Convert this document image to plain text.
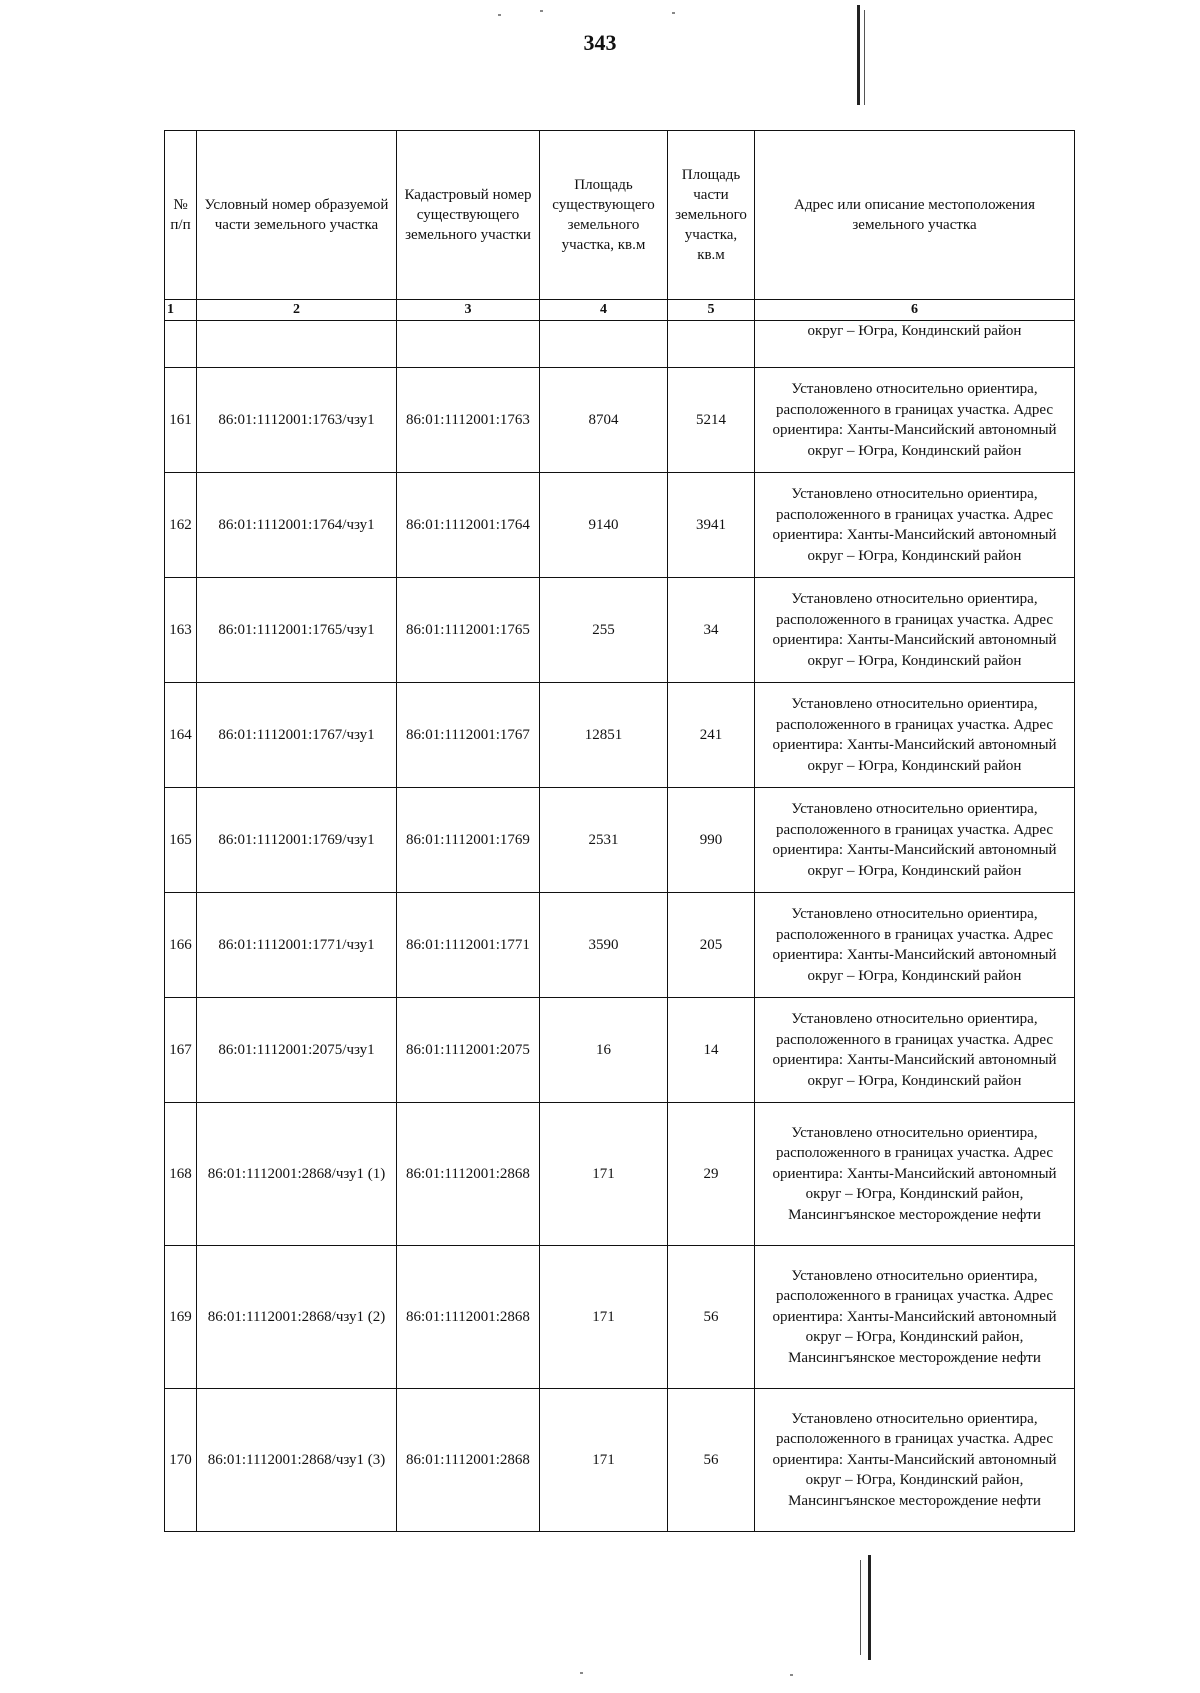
343
№ п/п	Условный номер образуемой части земельного участка	Кадастровый номер существующего земельного участки	Площадь существующего земельного участка, кв.м	Площадь части земельного участка, кв.м	Адрес или описание местоположения земельного участка
1	2	3	4	5	6
					округ – Югра, Кондинский район
161	86:01:1112001:1763/чзу1	86:01:1112001:1763	8704	5214	Установлено относительно ориентира, расположенного в границах участка. Адрес ориентира: Ханты-Мансийский автономный округ – Югра, Кондинский район
162	86:01:1112001:1764/чзу1	86:01:1112001:1764	9140	3941	Установлено относительно ориентира, расположенного в границах участка. Адрес ориентира: Ханты-Мансийский автономный округ – Югра, Кондинский район
163	86:01:1112001:1765/чзу1	86:01:1112001:1765	255	34	Установлено относительно ориентира, расположенного в границах участка. Адрес ориентира: Ханты-Мансийский автономный округ – Югра, Кондинский район
164	86:01:1112001:1767/чзу1	86:01:1112001:1767	12851	241	Установлено относительно ориентира, расположенного в границах участка. Адрес ориентира: Ханты-Мансийский автономный округ – Югра, Кондинский район
165	86:01:1112001:1769/чзу1	86:01:1112001:1769	2531	990	Установлено относительно ориентира, расположенного в границах участка. Адрес ориентира: Ханты-Мансийский автономный округ – Югра, Кондинский район
166	86:01:1112001:1771/чзу1	86:01:1112001:1771	3590	205	Установлено относительно ориентира, расположенного в границах участка. Адрес ориентира: Ханты-Мансийский автономный округ – Югра, Кондинский район
167	86:01:1112001:2075/чзу1	86:01:1112001:2075	16	14	Установлено относительно ориентира, расположенного в границах участка. Адрес ориентира: Ханты-Мансийский автономный округ – Югра, Кондинский район
168	86:01:1112001:2868/чзу1 (1)	86:01:1112001:2868	171	29	Установлено относительно ориентира, расположенного в границах участка. Адрес ориентира: Ханты-Мансийский автономный округ – Югра, Кондинский район, Мансингъянское месторождение нефти
169	86:01:1112001:2868/чзу1 (2)	86:01:1112001:2868	171	56	Установлено относительно ориентира, расположенного в границах участка. Адрес ориентира: Ханты-Мансийский автономный округ – Югра, Кондинский район, Мансингъянское месторождение нефти
170	86:01:1112001:2868/чзу1 (3)	86:01:1112001:2868	171	56	Установлено относительно ориентира, расположенного в границах участка. Адрес ориентира: Ханты-Мансийский автономный округ – Югра, Кондинский район, Мансингъянское месторождение нефти
